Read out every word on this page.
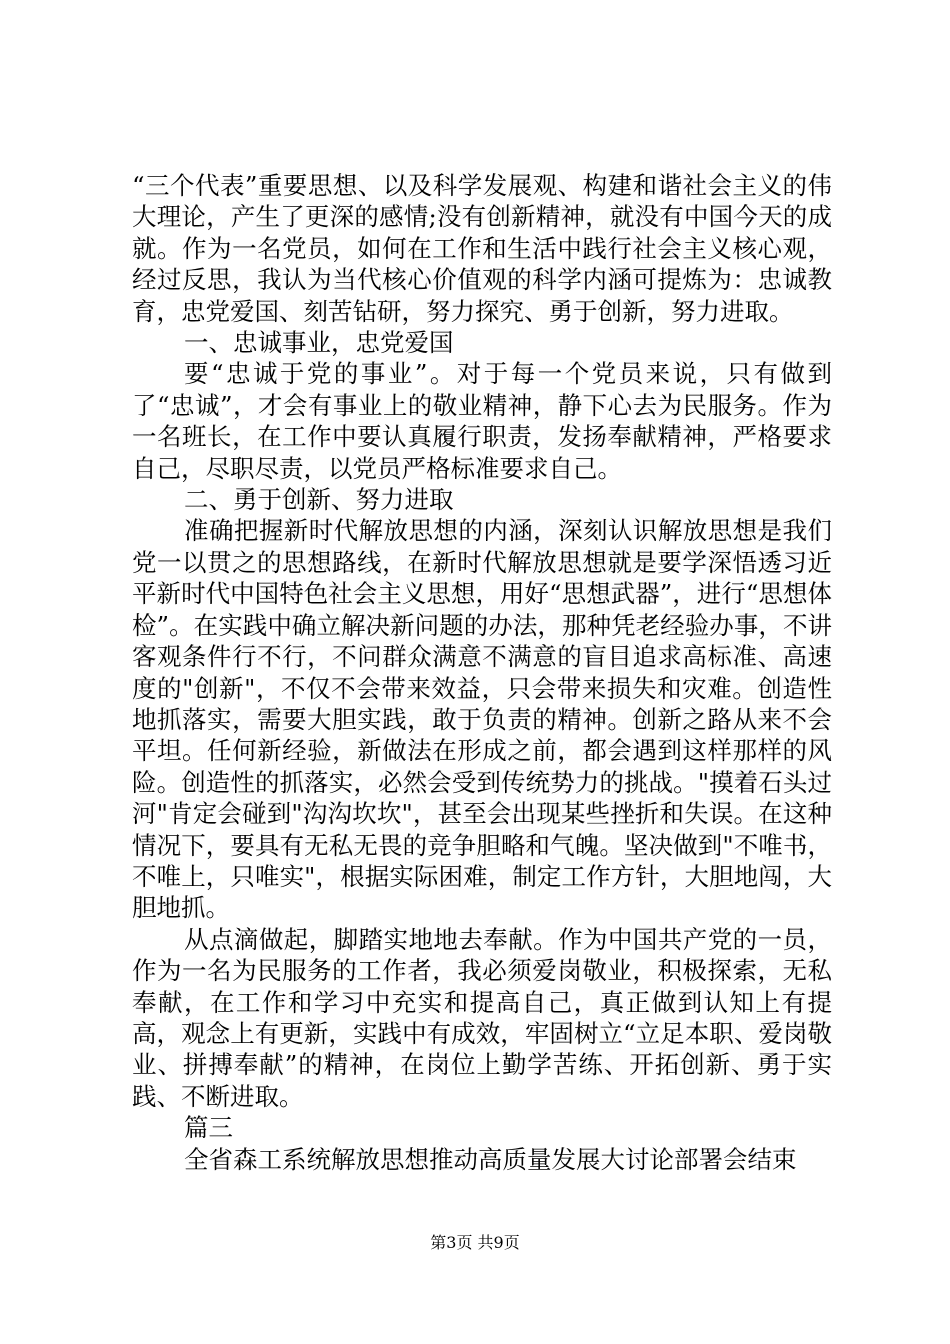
“三个代表”重要思想、以及科学发展观、构建和谐社会主义的伟大理论，产生了更深的感情;没有创新精神，就没有中国今天的成就。作为一名党员，如何在工作和生活中践行社会主义核心观，经过反思，我认为当代核心价值观的科学内涵可提炼为：忠诚教育，忠党爱国、刻苦钻研，努力探究、勇于创新，努力进取。

一、忠诚事业，忠党爱国

要“忠诚于党的事业”。对于每一个党员来说，只有做到了“忠诚”，才会有事业上的敬业精神，静下心去为民服务。作为一名班长，在工作中要认真履行职责，发扬奉献精神，严格要求自己，尽职尽责，以党员严格标准要求自己。

二、勇于创新、努力进取

准确把握新时代解放思想的内涵，深刻认识解放思想是我们党一以贯之的思想路线，在新时代解放思想就是要学深悟透习近平新时代中国特色社会主义思想，用好“思想武器”，进行“思想体检”。在实践中确立解决新问题的办法，那种凭老经验办事，不讲客观条件行不行，不问群众满意不满意的盲目追求高标准、高速度的"创新"，不仅不会带来效益，只会带来损失和灾难。创造性地抓落实，需要大胆实践，敢于负责的精神。创新之路从来不会平坦。任何新经验，新做法在形成之前，都会遇到这样那样的风险。创造性的抓落实，必然会受到传统势力的挑战。"摸着石头过河"肯定会碰到"沟沟坎坎"，甚至会出现某些挫折和失误。在这种情况下，要具有无私无畏的竞争胆略和气魄。坚决做到"不唯书，不唯上，只唯实"，根据实际困难，制定工作方针，大胆地闯，大胆地抓。

从点滴做起，脚踏实地地去奉献。作为中国共产党的一员，作为一名为民服务的工作者，我必须爱岗敬业，积极探索，无私奉献，在工作和学习中充实和提高自己，真正做到认知上有提高，观念上有更新，实践中有成效，牢固树立“立足本职、爱岗敬业、拼搏奉献”的精神，在岗位上勤学苦练、开拓创新、勇于实践、不断进取。

篇三

全省森工系统解放思想推动高质量发展大讨论部署会结束

第3页 共9页
